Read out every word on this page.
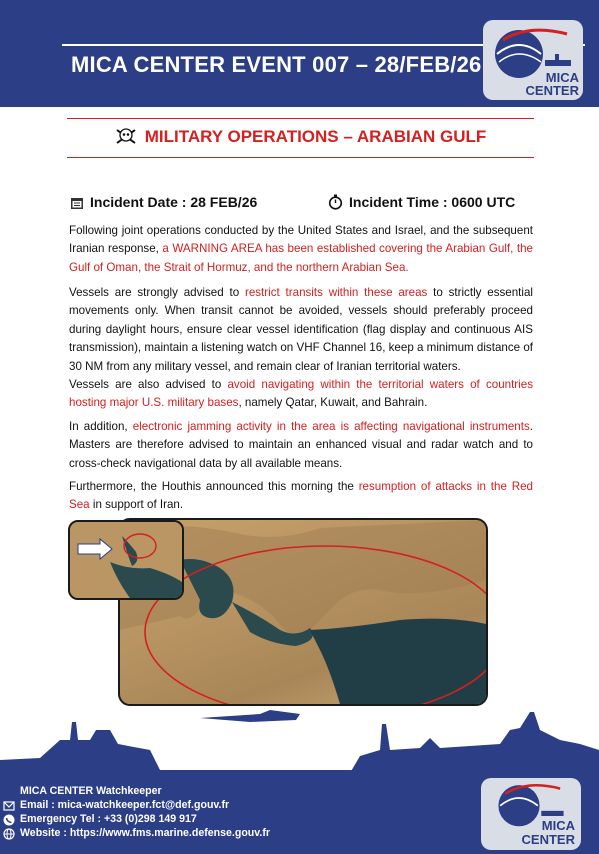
MICA CENTER EVENT 007 – 28/FEB/26
MICA
CENTER
MILITARY OPERATIONS – ARABIAN GULF
Incident Date : 28 FEB/26	Incident Time : 0600 UTC

Following joint operations conducted by the United States and Israel, and the subsequent Iranian response, a WARNING AREA has been established covering the Arabian Gulf, the Gulf of Oman, the Strait of Hormuz, and the northern Arabian Sea.

Vessels are strongly advised to restrict transits within these areas to strictly essential movements only. When transit cannot be avoided, vessels should preferably proceed during daylight hours, ensure clear vessel identification (flag display and continuous AIS transmission), maintain a listening watch on VHF Channel 16, keep a minimum distance of 30 NM from any military vessel, and remain clear of Iranian territorial waters.

Vessels are also advised to avoid navigating within the territorial waters of countries hosting major U.S. military bases, namely Qatar, Kuwait, and Bahrain.

In addition, electronic jamming activity in the area is affecting navigational instruments. Masters are therefore advised to maintain an enhanced visual and radar watch and to cross-check navigational data by all available means.

Furthermore, the Houthis announced this morning the resumption of attacks in the Red Sea in support of Iran.

MICA CENTER Watchkeeper
Email : mica-watchkeeper.fct@def.gouv.fr
Emergency Tel : +33 (0)298 149 917
Website : https://www.fms.marine.defense.gouv.fr	MICA
CENTER
